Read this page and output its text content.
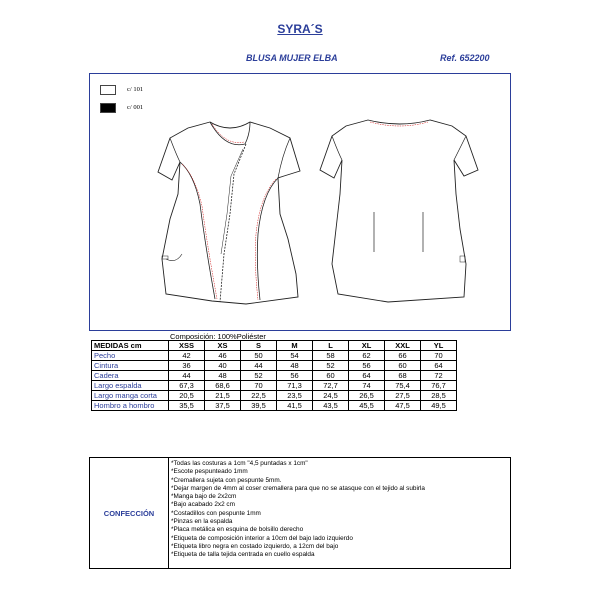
SYRA´S
BLUSA MUJER ELBA	Ref. 652200
c/ 101
c/ 001
Composición: 100%Poliéster
MEDIDAS cm	XSS	XS	S	M	L	XL	XXL	YL
Pecho	42	46	50	54	58	62	66	70
Cintura	36	40	44	48	52	56	60	64
Cadera	44	48	52	56	60	64	68	72
Largo espalda	67,3	68,6	70	71,3	72,7	74	75,4	76,7
Largo manga corta	20,5	21,5	22,5	23,5	24,5	26,5	27,5	28,5
Hombro a hombro	35,5	37,5	39,5	41,5	43,5	45,5	47,5	49,5
CONFECCIÓN
*Todas las costuras a 1cm "4,5 puntadas x 1cm"
*Escote pespunteado 1mm
*Cremallera sujeta con pespunte 5mm.
*Dejar margen de 4mm al coser cremallera para que no se atasque con el tejido al subirla
*Manga bajo de 2x2cm
*Bajo acabado 2x2 cm
*Costadillos con pespunte 1mm
*Pinzas en la espalda
*Placa metálica en esquina de bolsillo derecho
*Etiqueta de composición interior a 10cm del bajo lado izquierdo
*Etiqueta libro negra en costado izquierdo, a 12cm del bajo
*Etiqueta de talla tejida centrada en cuello espalda
